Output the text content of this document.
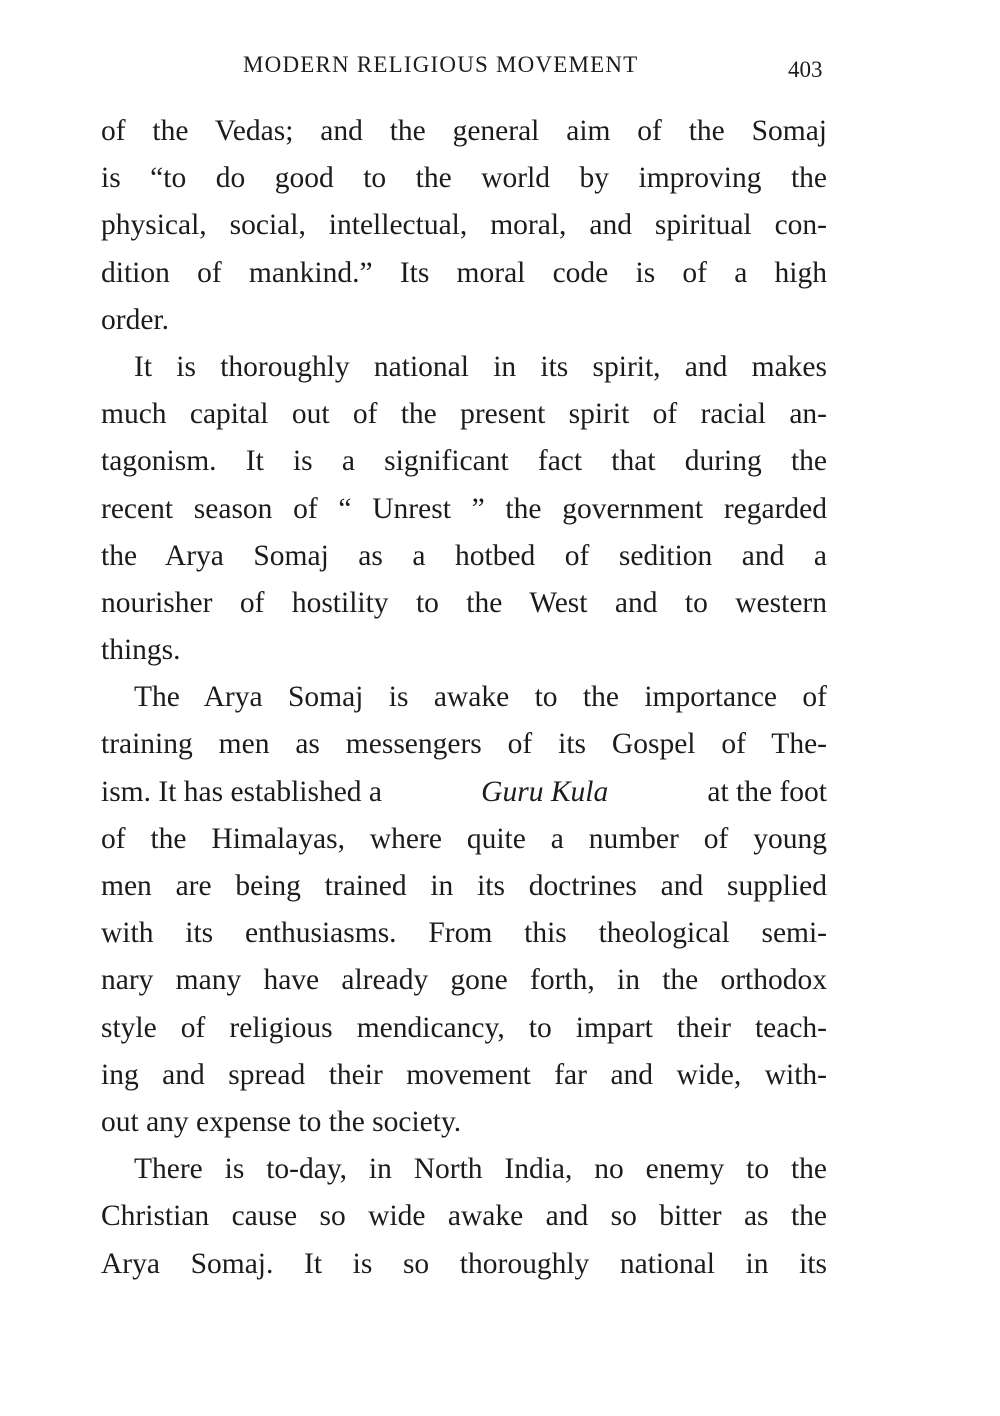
MODERN RELIGIOUS MOVEMENT	403
of the Vedas; and the general aim of the Somaj
is “to do good to the world by improving the
physical, social, intellectual, moral, and spiritual con-
dition of mankind.” Its moral code is of a high
order.
It is thoroughly national in its spirit, and makes
much capital out of the present spirit of racial an-
tagonism. It is a significant fact that during the
recent season of “ Unrest ” the government regarded
the Arya Somaj as a hotbed of sedition and a
nourisher of hostility to the West and to western
things.
The Arya Somaj is awake to the importance of
training men as messengers of its Gospel of The-
ism. It has established a	Guru Kula	at the foot
of the Himalayas, where quite a number of young
men are being trained in its doctrines and supplied
with its enthusiasms. From this theological semi-
nary many have already gone forth, in the orthodox
style of religious mendicancy, to impart their teach-
ing and spread their movement far and wide, with-
out any expense to the society.
There is to-day, in North India, no enemy to the
Christian cause so wide awake and so bitter as the
Arya Somaj. It is so thoroughly national in its
